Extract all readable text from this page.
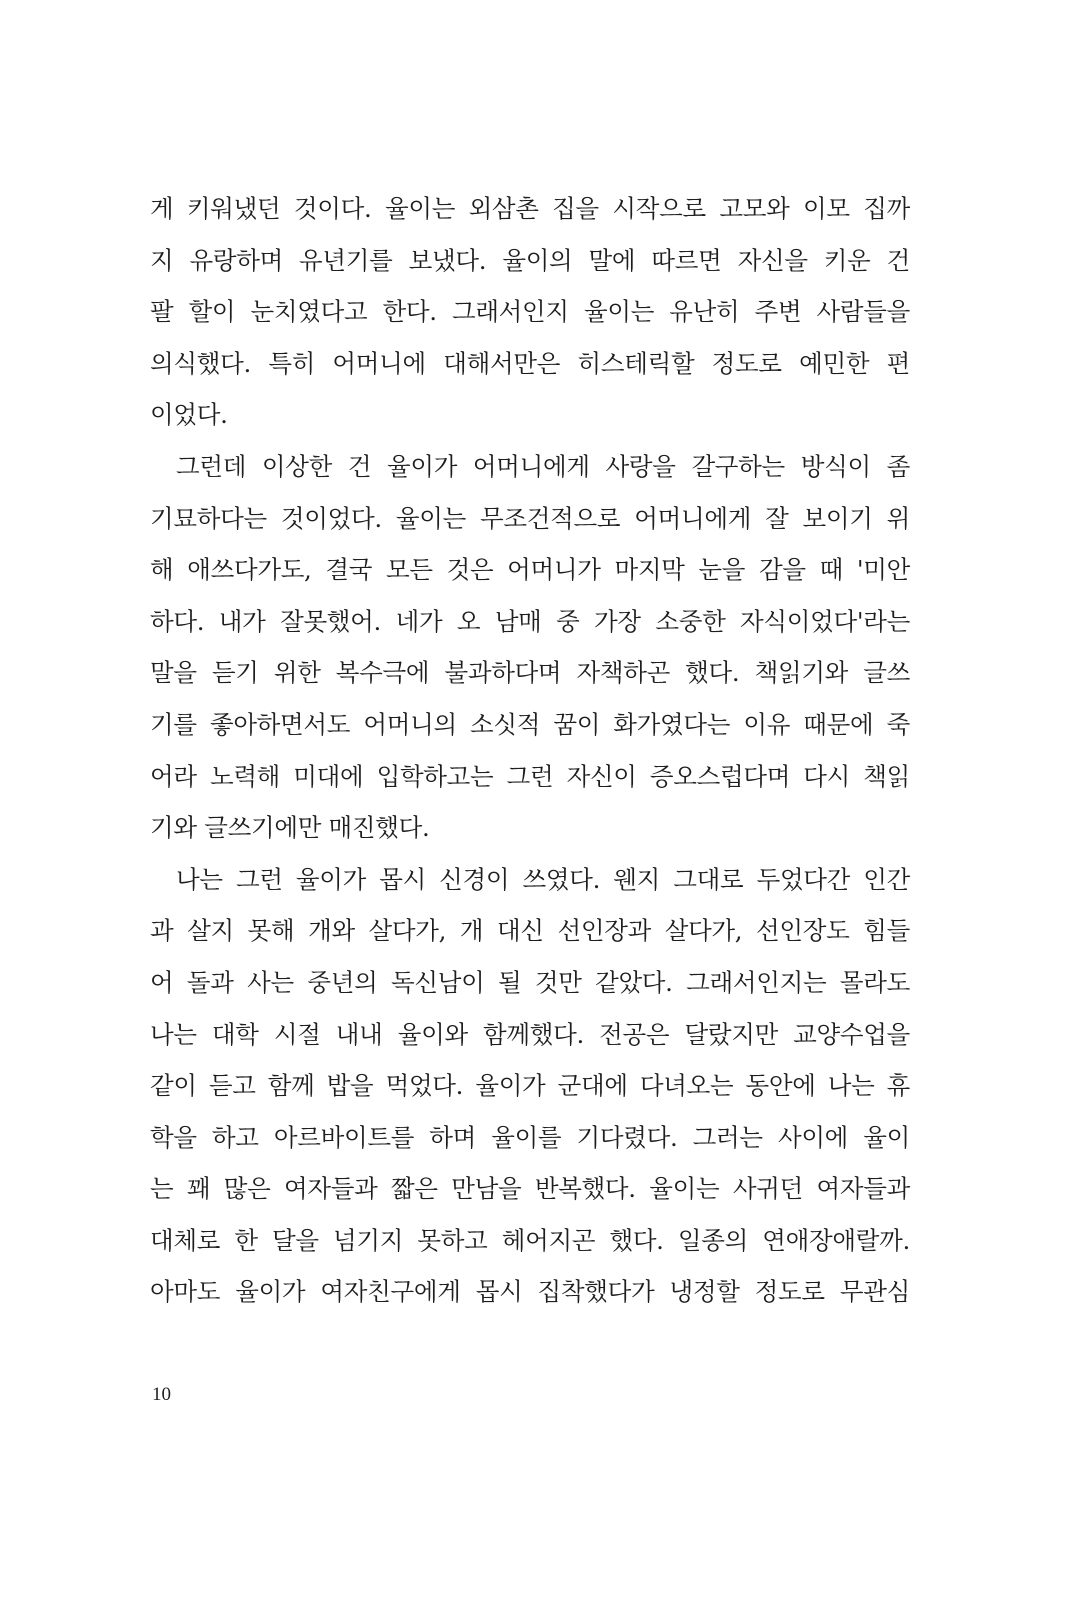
게 키워냈던 것이다. 율이는 외삼촌 집을 시작으로 고모와 이모 집까
지 유랑하며 유년기를 보냈다. 율이의 말에 따르면 자신을 키운 건
팔 할이 눈치였다고 한다. 그래서인지 율이는 유난히 주변 사람들을
의식했다. 특히 어머니에 대해서만은 히스테릭할 정도로 예민한 편
이었다.
그런데 이상한 건 율이가 어머니에게 사랑을 갈구하는 방식이 좀
기묘하다는 것이었다. 율이는 무조건적으로 어머니에게 잘 보이기 위
해 애쓰다가도, 결국 모든 것은 어머니가 마지막 눈을 감을 때 '미안
하다. 내가 잘못했어. 네가 오 남매 중 가장 소중한 자식이었다'라는
말을 듣기 위한 복수극에 불과하다며 자책하곤 했다. 책읽기와 글쓰
기를 좋아하면서도 어머니의 소싯적 꿈이 화가였다는 이유 때문에 죽
어라 노력해 미대에 입학하고는 그런 자신이 증오스럽다며 다시 책읽
기와 글쓰기에만 매진했다.
나는 그런 율이가 몹시 신경이 쓰였다. 웬지 그대로 두었다간 인간
과 살지 못해 개와 살다가, 개 대신 선인장과 살다가, 선인장도 힘들
어 돌과 사는 중년의 독신남이 될 것만 같았다. 그래서인지는 몰라도
나는 대학 시절 내내 율이와 함께했다. 전공은 달랐지만 교양수업을
같이 듣고 함께 밥을 먹었다. 율이가 군대에 다녀오는 동안에 나는 휴
학을 하고 아르바이트를 하며 율이를 기다렸다. 그러는 사이에 율이
는 꽤 많은 여자들과 짧은 만남을 반복했다. 율이는 사귀던 여자들과
대체로 한 달을 넘기지 못하고 헤어지곤 했다. 일종의 연애장애랄까.
아마도 율이가 여자친구에게 몹시 집착했다가 냉정할 정도로 무관심
10
